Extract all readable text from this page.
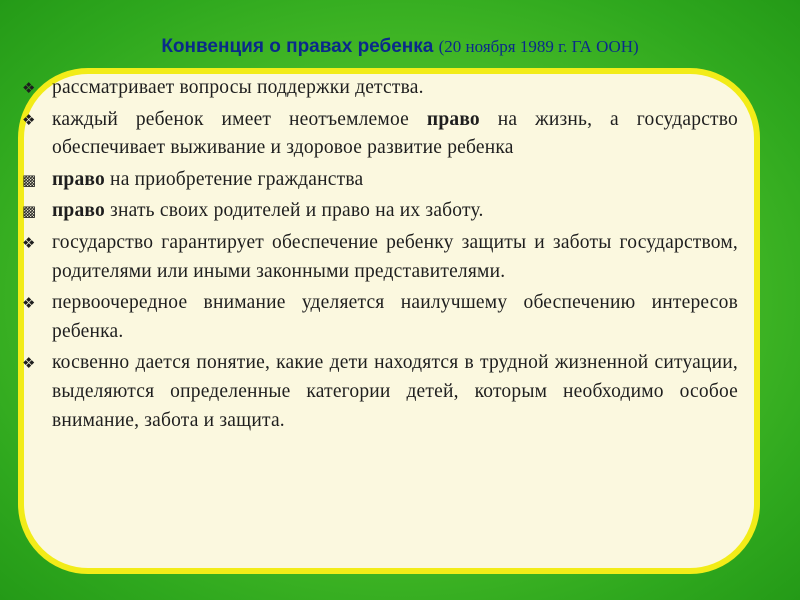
Конвенция о правах ребенка (20 ноября 1989 г. ГА ООН)
❖ рассматривает вопросы поддержки детства.
❖ каждый ребенок имеет неотъемлемое право на жизнь, а государство обеспечивает выживание и здоровое развитие ребенка
▩ право на приобретение гражданства
▩ право знать своих родителей и право на их заботу.
❖ государство гарантирует обеспечение ребенку защиты и заботы государством, родителями или иными законными представителями.
❖ первоочередное внимание уделяется наилучшему обеспечению интересов ребенка.
❖ косвенно дается понятие, какие дети находятся в трудной жизненной ситуации, выделяются определенные категории детей, которым необходимо особое внимание, забота и защита.
